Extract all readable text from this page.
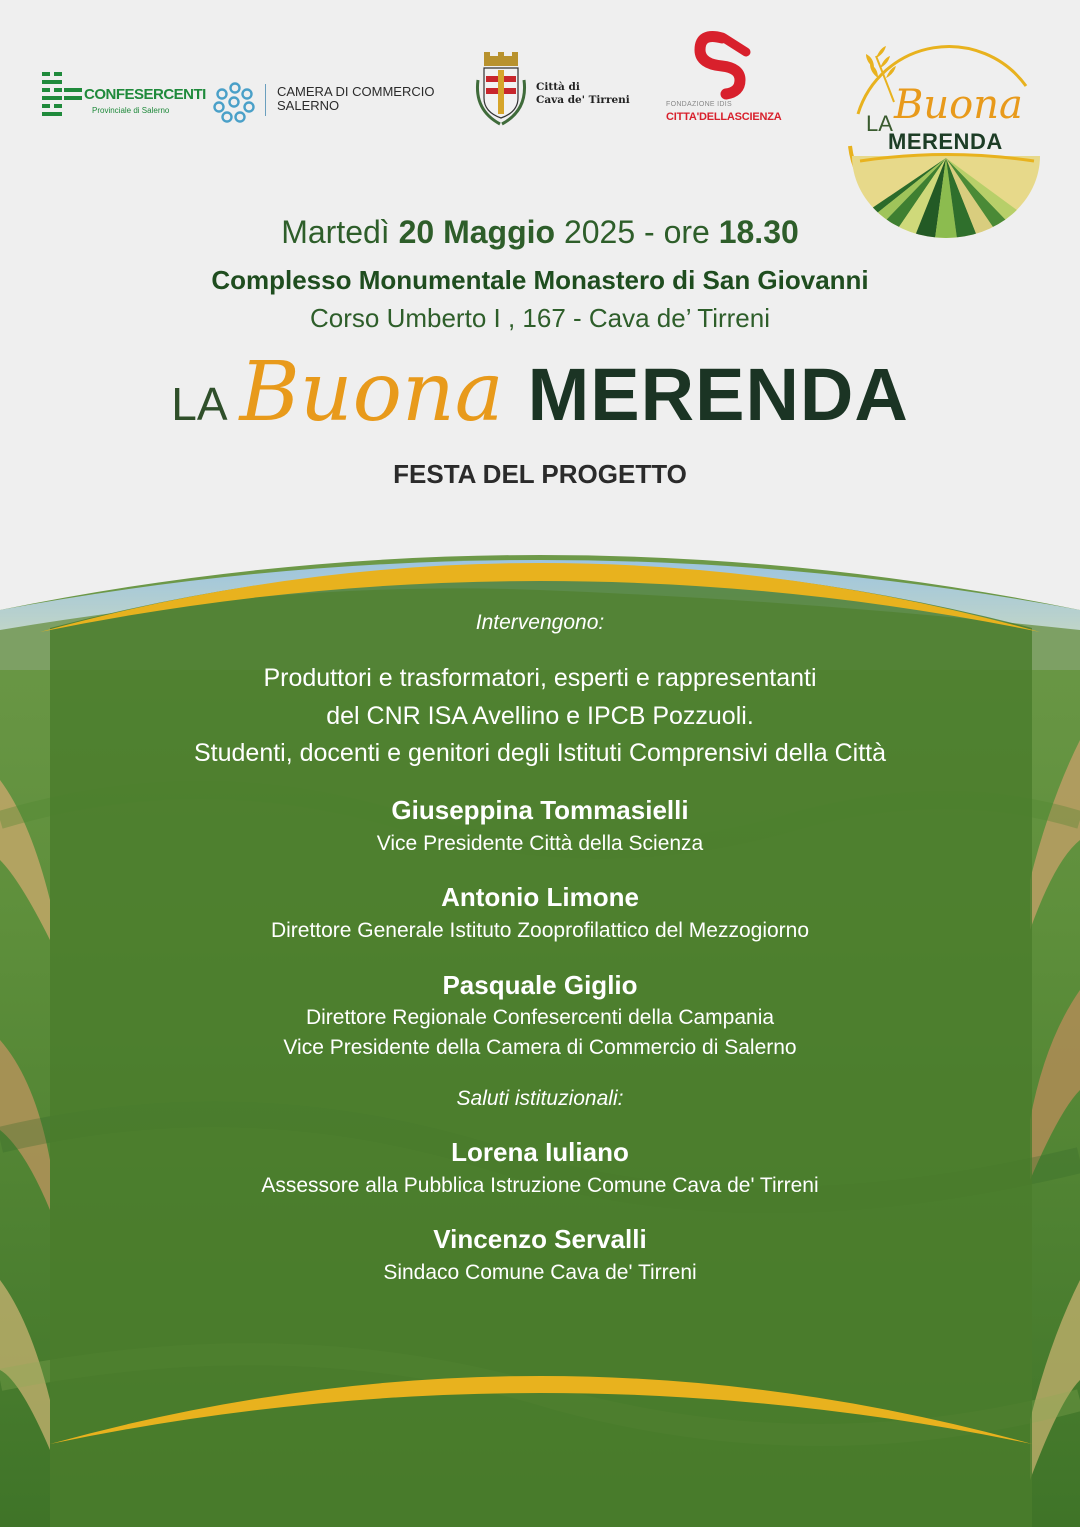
CONFESERCENTI
Provinciale di Salerno
CAMERA DI COMMERCIO
SALERNO
Città di
Cava de' Tirreni	FONDAZIONE IDIS
CITTA'DELLASCIENZA	LA Buona
MERENDA
Martedì 20 Maggio 2025 - ore 18.30
Complesso Monumentale Monastero di San Giovanni
Corso Umberto I , 167 - Cava de’ Tirreni
LA Buona MERENDA
FESTA DEL PROGETTO
Intervengono:
Produttori e trasformatori, esperti e rappresentanti
del CNR ISA Avellino e IPCB Pozzuoli.
Studenti, docenti e genitori degli Istituti Comprensivi della Città
Giuseppina Tommasielli
Vice Presidente Città della Scienza
Antonio Limone
Direttore Generale Istituto Zooprofilattico del Mezzogiorno
Pasquale Giglio
Direttore Regionale Confesercenti della Campania
Vice Presidente della Camera di Commercio di Salerno
Saluti istituzionali:
Lorena Iuliano
Assessore alla Pubblica Istruzione Comune Cava de' Tirreni
Vincenzo Servalli
Sindaco Comune Cava de' Tirreni
